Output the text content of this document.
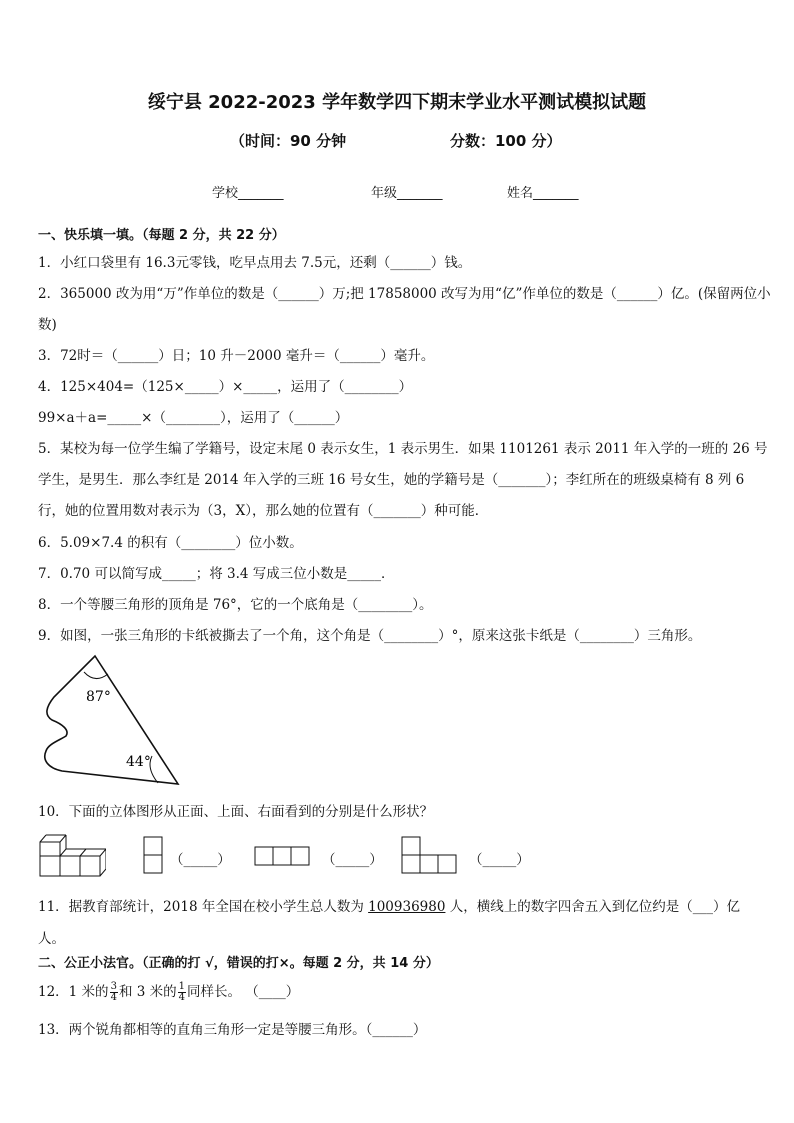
绥宁县 2022-2023 学年数学四下期末学业水平测试模拟试题
（时间：90 分钟	分数：100 分）
学校_______	年级_______	姓名_______
一、快乐填一填。（每题 2 分，共 22 分）
1．小红口袋里有 16.3元零钱，吃早点用去 7.5元，还剩（______）钱。
2．365000 改为用“万”作单位的数是（______）万;把 17858000 改写为用“亿”作单位的数是（______）亿。(保留两位小
数)
3．72时＝（______）日；10 升－2000 毫升＝（______）毫升。
4．125×404=（125×_____）×_____，运用了（________）
99×a＋a=_____×（________），运用了（______）
5．某校为每一位学生编了学籍号，设定末尾 0 表示女生，1 表示男生．如果 1101261 表示 2011 年入学的一班的 26 号
学生，是男生．那么李红是 2014 年入学的三班 16 号女生，她的学籍号是（_______）；李红所在的班级桌椅有 8 列 6
行，她的位置用数对表示为（3，X），那么她的位置有（_______）种可能．
6．5.09×7.4 的积有（________）位小数。
7．0.70 可以简写成_____；将 3.4 写成三位小数是_____．
8．一个等腰三角形的顶角是 76°，它的一个底角是（________）。
9．如图，一张三角形的卡纸被撕去了一个角，这个角是（________）°，原来这张卡纸是（________）三角形。
87°
44°
10．下面的立体图形从正面、上面、右面看到的分别是什么形状？
（_____）	（_____）	（_____）
11．据教育部统计，2018 年全国在校小学生总人数为 100936980 人，横线上的数字四舍五入到亿位约是（___）亿
人。
二、公正小法官。（正确的打 √，错误的打×。每题 2 分，共 14 分）
12．1 米的 $\frac{3}{4}$ 和 3 米的 $\frac{1}{4}$ 同样长。 （____）
13．两个锐角都相等的直角三角形一定是等腰三角形。（______）
